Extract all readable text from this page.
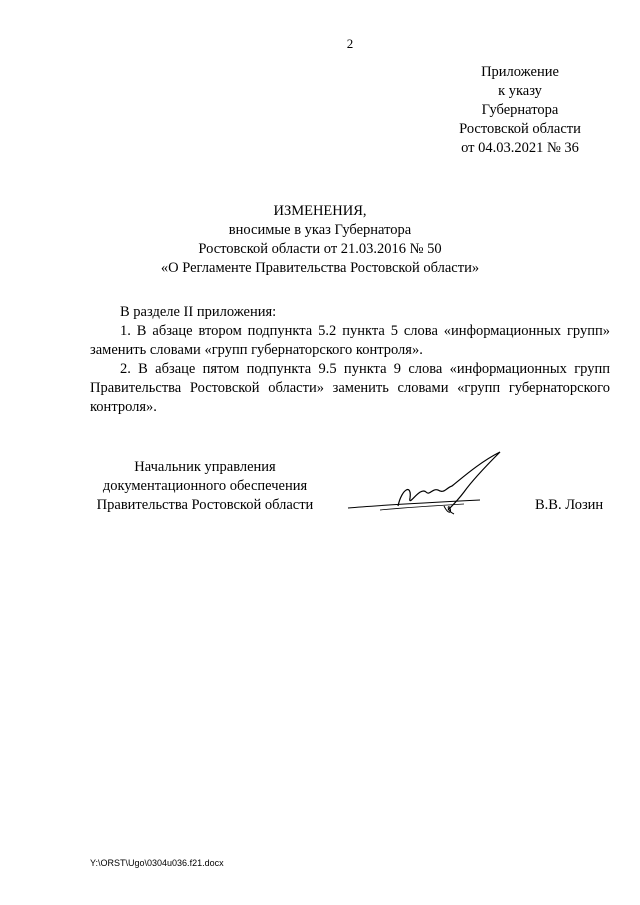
2
Приложение
к указу
Губернатора
Ростовской области
от 04.03.2021 № 36
ИЗМЕНЕНИЯ,
вносимые в указ Губернатора
Ростовской области от 21.03.2016 № 50
«О Регламенте Правительства Ростовской области»

В разделе II приложения:

1. В абзаце втором подпункта 5.2 пункта 5 слова «информационных групп» заменить словами «групп губернаторского контроля».

2. В абзаце пятом подпункта 9.5 пункта 9 слова «информационных групп Правительства Ростовской области» заменить словами «групп губернаторского контроля».

Начальник управления
документационного обеспечения
Правительства Ростовской области	В.В. Лозин
Y:\ORST\Ugo\0304u036.f21.docx
